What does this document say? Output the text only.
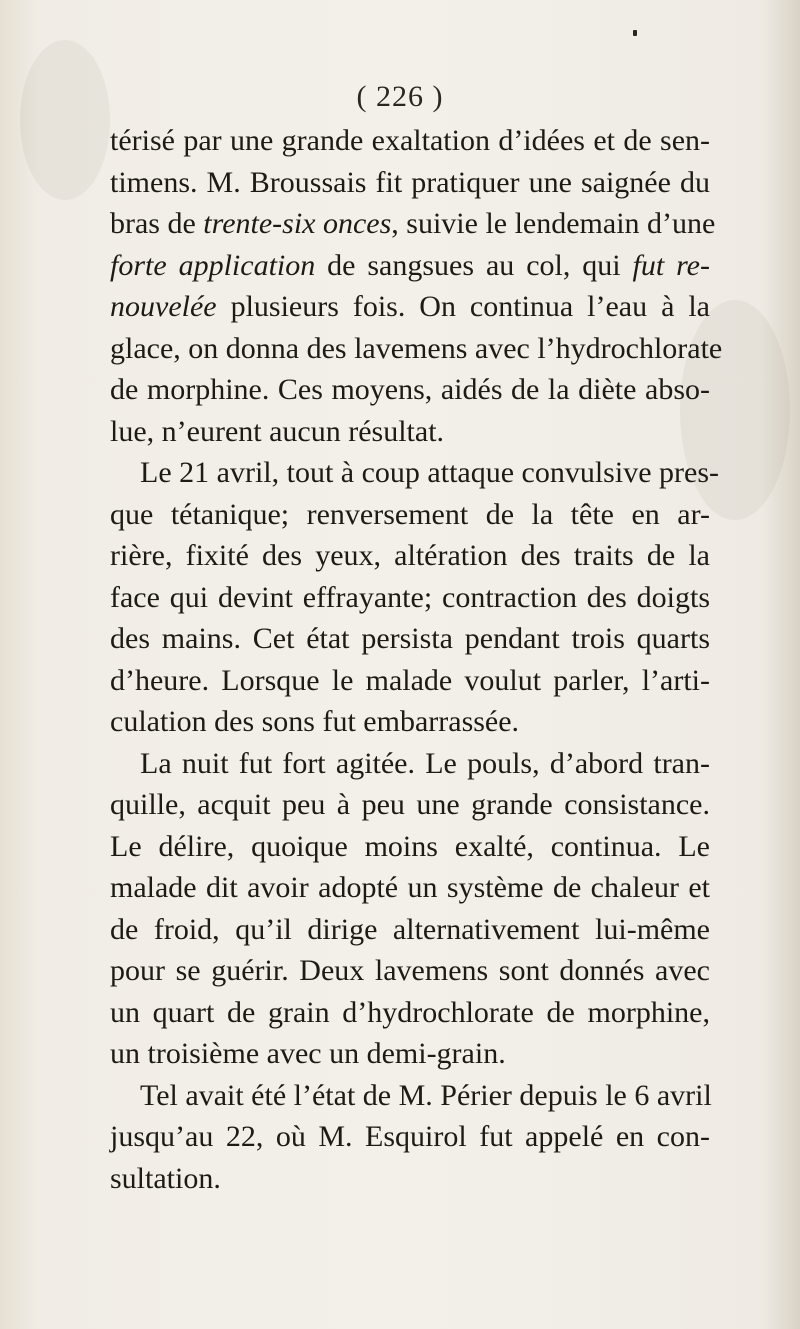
( 226 )
térisé par une grande exaltation d’idées et de sen-
timens. M. Broussais fit pratiquer une saignée du
bras de trente-six onces, suivie le lendemain d’une
forte application de sangsues au col, qui fut re-
nouvelée plusieurs fois. On continua l’eau à la
glace, on donna des lavemens avec l’hydrochlorate
de morphine. Ces moyens, aidés de la diète abso-
lue, n’eurent aucun résultat.
Le 21 avril, tout à coup attaque convulsive pres-
que tétanique; renversement de la tête en ar-
rière, fixité des yeux, altération des traits de la
face qui devint effrayante; contraction des doigts
des mains. Cet état persista pendant trois quarts
d’heure. Lorsque le malade voulut parler, l’arti-
culation des sons fut embarrassée.
La nuit fut fort agitée. Le pouls, d’abord tran-
quille, acquit peu à peu une grande consistance.
Le délire, quoique moins exalté, continua. Le
malade dit avoir adopté un système de chaleur et
de froid, qu’il dirige alternativement lui-même
pour se guérir. Deux lavemens sont donnés avec
un quart de grain d’hydrochlorate de morphine,
un troisième avec un demi-grain.
Tel avait été l’état de M. Périer depuis le 6 avril
jusqu’au 22, où M. Esquirol fut appelé en con-
sultation.
